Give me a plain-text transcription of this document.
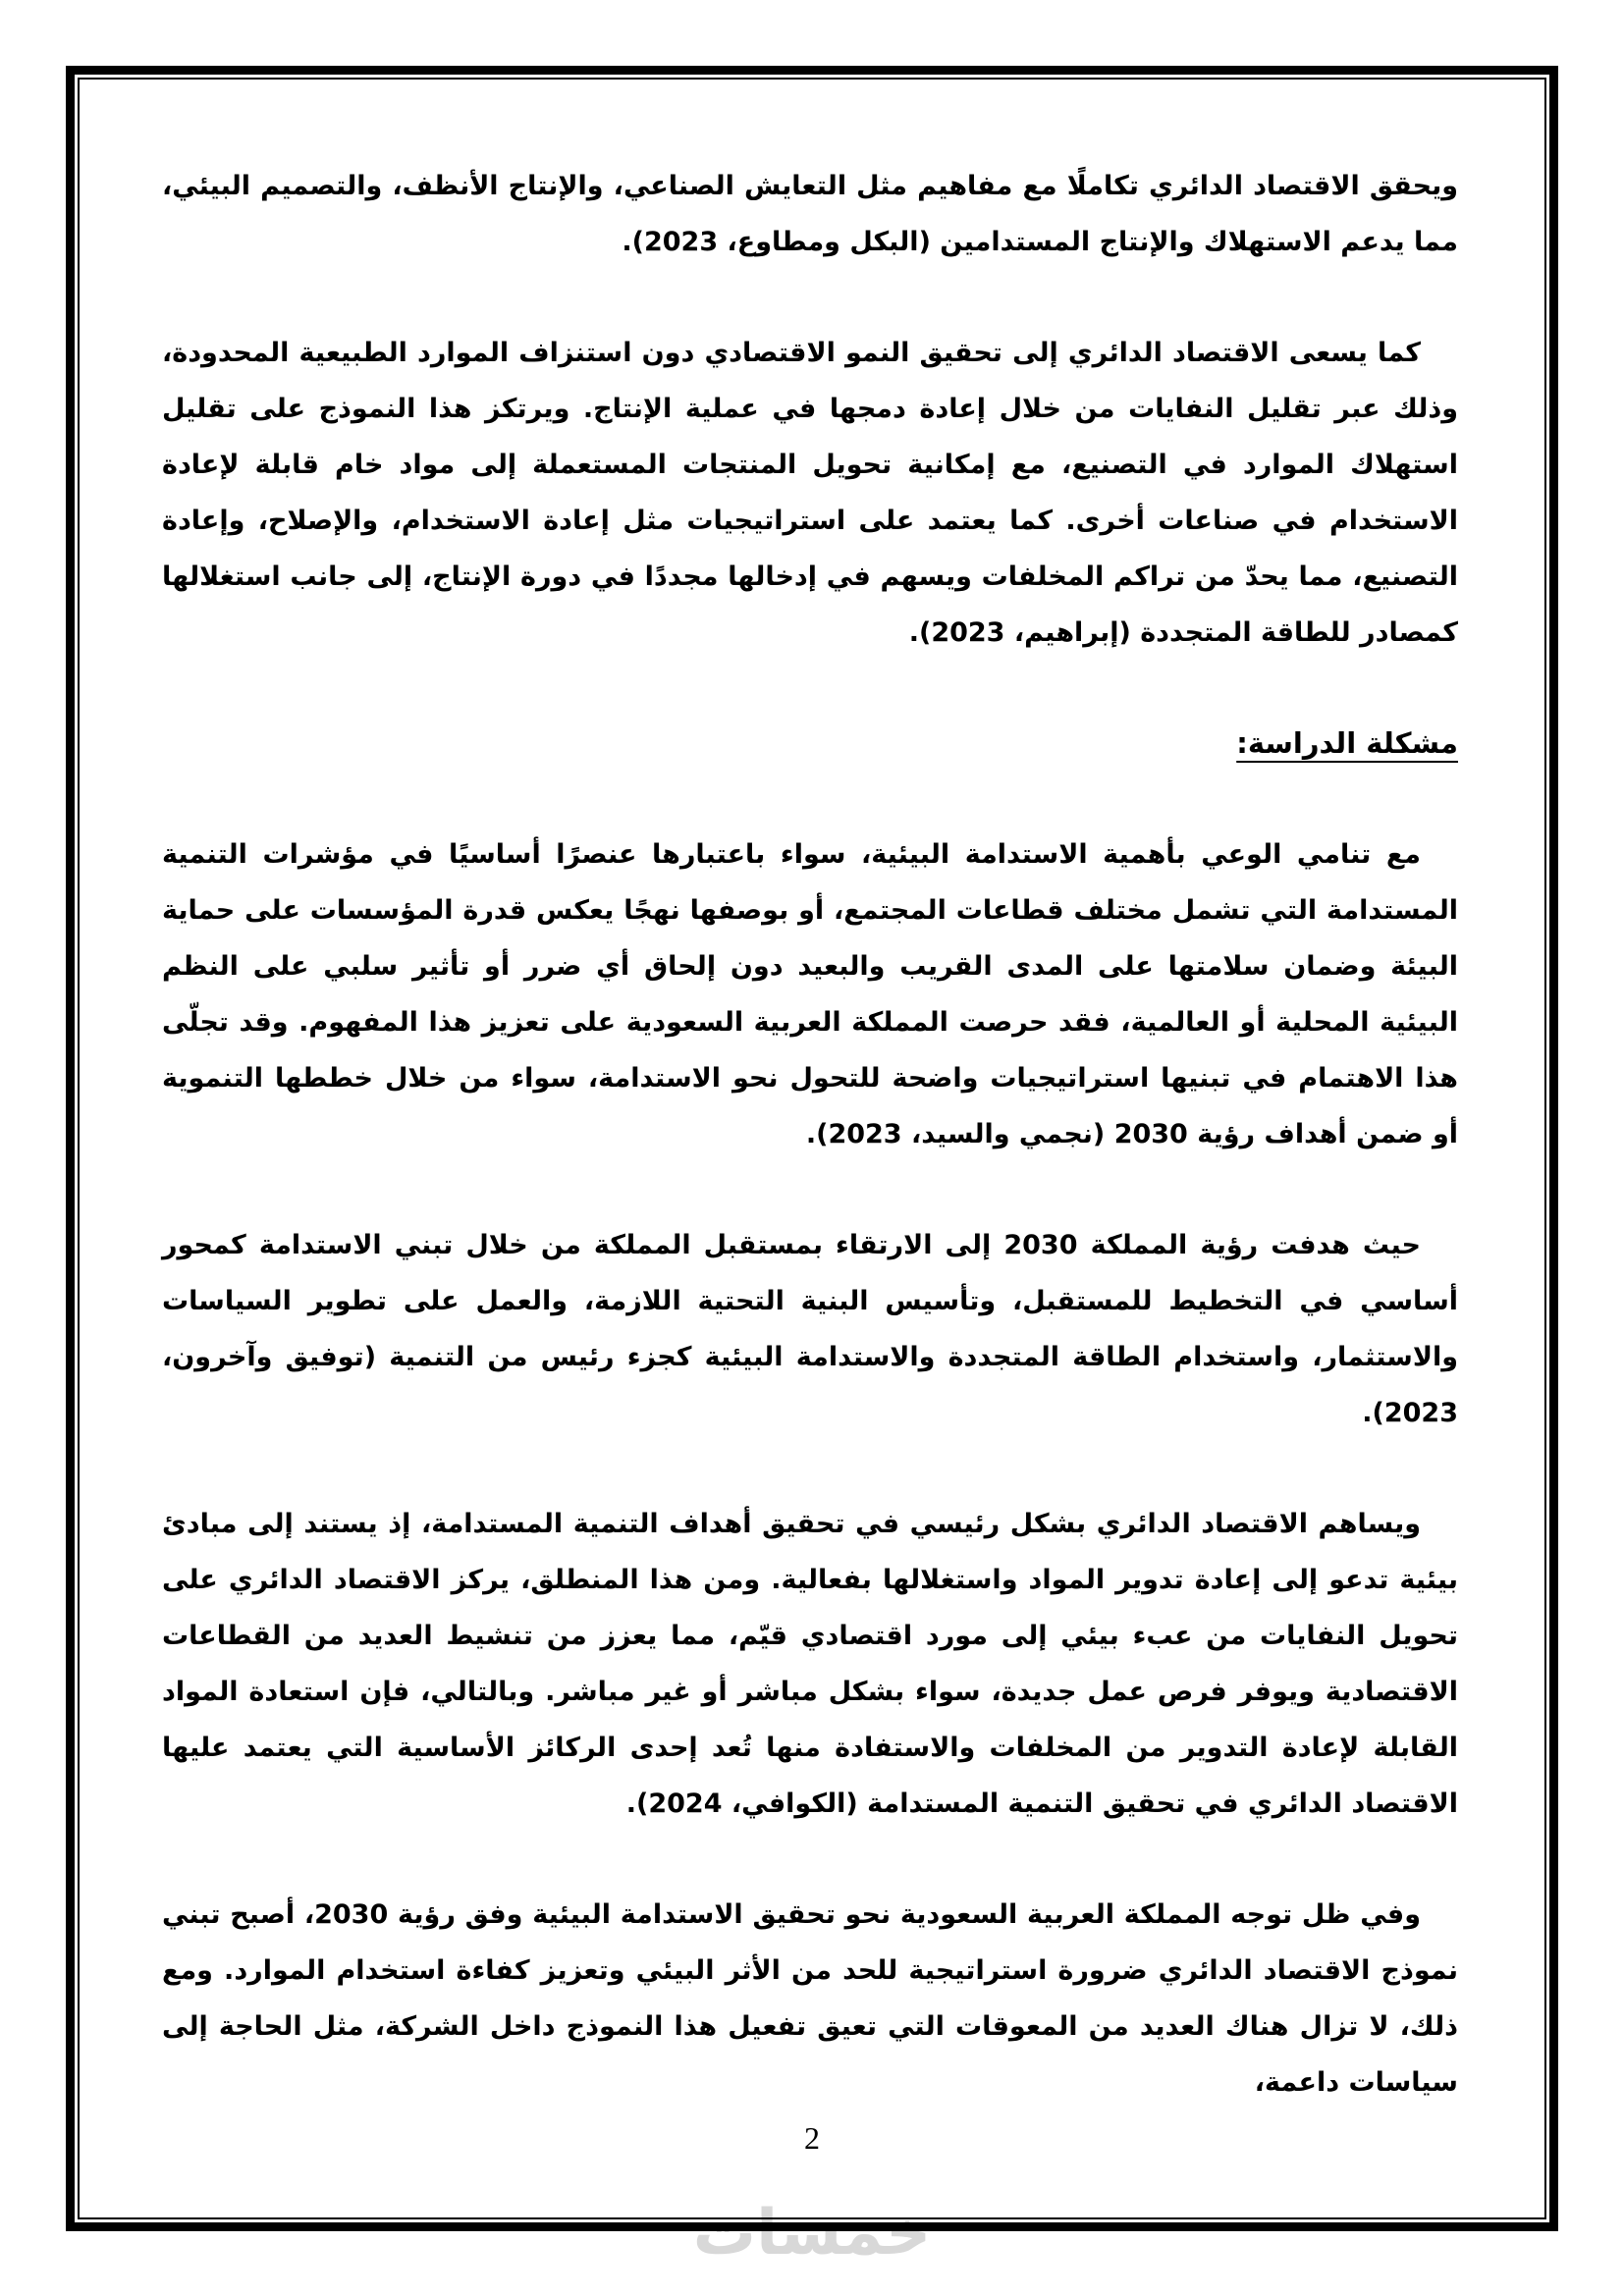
خمسات

ويحقق الاقتصاد الدائري تكاملًا مع مفاهيم مثل التعايش الصناعي، والإنتاج الأنظف، والتصميم البيئي، مما يدعم الاستهلاك والإنتاج المستدامين (البكل ومطاوع، 2023).

كما يسعى الاقتصاد الدائري إلى تحقيق النمو الاقتصادي دون استنزاف الموارد الطبيعية المحدودة، وذلك عبر تقليل النفايات من خلال إعادة دمجها في عملية الإنتاج. ويرتكز هذا النموذج على تقليل استهلاك الموارد في التصنيع، مع إمكانية تحويل المنتجات المستعملة إلى مواد خام قابلة لإعادة الاستخدام في صناعات أخرى. كما يعتمد على استراتيجيات مثل إعادة الاستخدام، والإصلاح، وإعادة التصنيع، مما يحدّ من تراكم المخلفات ويسهم في إدخالها مجددًا في دورة الإنتاج، إلى جانب استغلالها كمصادر للطاقة المتجددة (إبراهيم، 2023).

مشكلة الدراسة:

مع تنامي الوعي بأهمية الاستدامة البيئية، سواء باعتبارها عنصرًا أساسيًا في مؤشرات التنمية المستدامة التي تشمل مختلف قطاعات المجتمع، أو بوصفها نهجًا يعكس قدرة المؤسسات على حماية البيئة وضمان سلامتها على المدى القريب والبعيد دون إلحاق أي ضرر أو تأثير سلبي على النظم البيئية المحلية أو العالمية، فقد حرصت المملكة العربية السعودية على تعزيز هذا المفهوم. وقد تجلّى هذا الاهتمام في تبنيها استراتيجيات واضحة للتحول نحو الاستدامة، سواء من خلال خططها التنموية أو ضمن أهداف رؤية 2030 (نجمي والسيد، 2023).

حيث هدفت رؤية المملكة 2030 إلى الارتقاء بمستقبل المملكة من خلال تبني الاستدامة كمحور أساسي في التخطيط للمستقبل، وتأسيس البنية التحتية اللازمة، والعمل على تطوير السياسات والاستثمار، واستخدام الطاقة المتجددة والاستدامة البيئية كجزء رئيس من التنمية (توفيق وآخرون، 2023).

ويساهم الاقتصاد الدائري بشكل رئيسي في تحقيق أهداف التنمية المستدامة، إذ يستند إلى مبادئ بيئية تدعو إلى إعادة تدوير المواد واستغلالها بفعالية. ومن هذا المنطلق، يركز الاقتصاد الدائري على تحويل النفايات من عبء بيئي إلى مورد اقتصادي قيّم، مما يعزز من تنشيط العديد من القطاعات الاقتصادية ويوفر فرص عمل جديدة، سواء بشكل مباشر أو غير مباشر. وبالتالي، فإن استعادة المواد القابلة لإعادة التدوير من المخلفات والاستفادة منها تُعد إحدى الركائز الأساسية التي يعتمد عليها الاقتصاد الدائري في تحقيق التنمية المستدامة (الكوافي، 2024).

وفي ظل توجه المملكة العربية السعودية نحو تحقيق الاستدامة البيئية وفق رؤية 2030، أصبح تبني نموذج الاقتصاد الدائري ضرورة استراتيجية للحد من الأثر البيئي وتعزيز كفاءة استخدام الموارد. ومع ذلك، لا تزال هناك العديد من المعوقات التي تعيق تفعيل هذا النموذج داخل الشركة، مثل الحاجة إلى سياسات داعمة،

2
